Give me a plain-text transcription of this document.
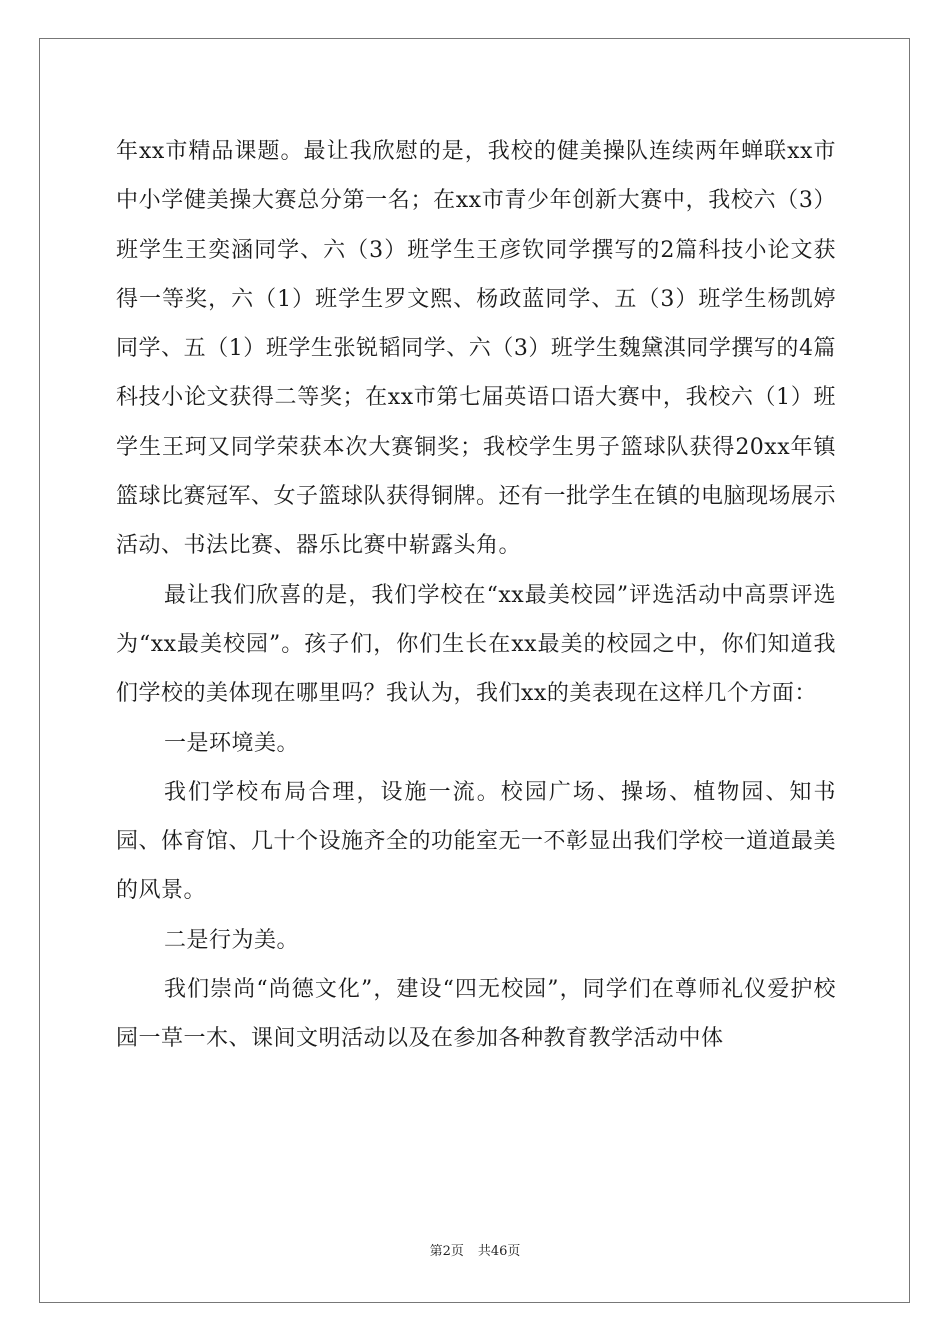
年xx市精品课题。最让我欣慰的是，我校的健美操队连续两年蝉联xx市中小学健美操大赛总分第一名；在xx市青少年创新大赛中，我校六（3）班学生王奕涵同学、六（3）班学生王彦钦同学撰写的2篇科技小论文获得一等奖，六（1）班学生罗文熙、杨政蓝同学、五（3）班学生杨凯婷同学、五（1）班学生张锐韬同学、六（3）班学生魏黛淇同学撰写的4篇科技小论文获得二等奖；在xx市第七届英语口语大赛中，我校六（1）班学生王珂又同学荣获本次大赛铜奖；我校学生男子篮球队获得20xx年镇篮球比赛冠军、女子篮球队获得铜牌。还有一批学生在镇的电脑现场展示活动、书法比赛、器乐比赛中崭露头角。

最让我们欣喜的是，我们学校在“xx最美校园”评选活动中高票评选为“xx最美校园”。孩子们，你们生长在xx最美的校园之中，你们知道我们学校的美体现在哪里吗？我认为，我们xx的美表现在这样几个方面：

一是环境美。

我们学校布局合理，设施一流。校园广场、操场、植物园、知书园、体育馆、几十个设施齐全的功能室无一不彰显出我们学校一道道最美的风景。

二是行为美。

我们崇尚“尚德文化”，建设“四无校园”，同学们在尊师礼仪爱护校园一草一木、课间文明活动以及在参加各种教育教学活动中体

第2页 共46页
